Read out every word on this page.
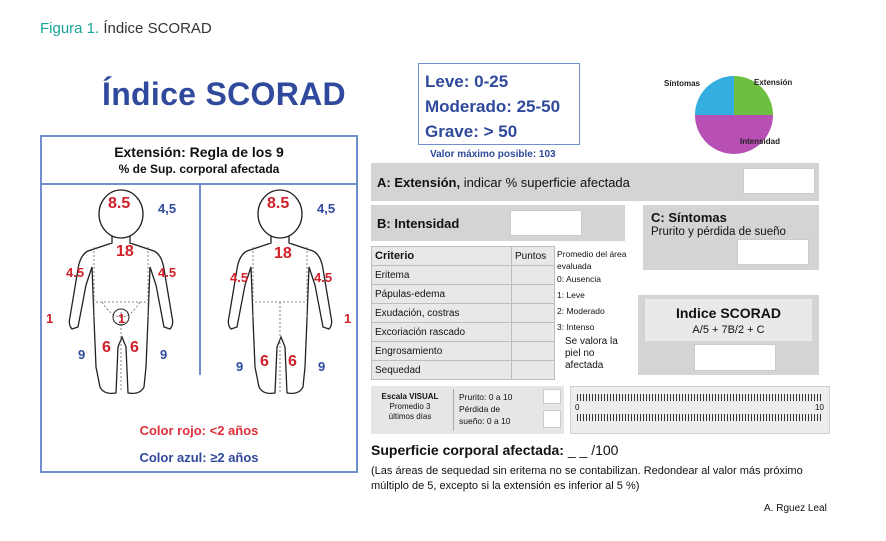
Figura 1. Índice SCORAD
Índice SCORAD
Extensión: Regla de los 9
% de Sup. corporal afectada
8.5 4,5
18
4.5	4.5
1	1
6 6
9	9
8.5 4,5
18
4.5	4.5
1
6 6
9	9
Color rojo: <2 años
Color azul: ≥2 años
Leve: 0-25
Moderado: 25-50
Grave: > 50
Valor máximo posible: 103
Síntomas	Extensión
Intensidad
A: Extensión, indicar % superficie afectada
B: Intensidad	C: Síntomas
Prurito y pérdida de sueño
Criterio	Puntos
Eritema	
Pápulas-edema	
Exudación, costras	
Excoriación rascado	
Engrosamiento	
Sequedad	
Promedio del área
evaluada
0: Ausencia
1: Leve
2: Moderado
3: Intenso
Se valora la
piel no
afectada
Indice SCORAD
A/5 + 7B/2 + C
Escala VISUAL
Promedio 3
últimos días
Prurito: 0 a 10
Pérdida de
sueño: 0 a 10
0	10
Superficie corporal afectada: _ _ /100
(Las áreas de sequedad sin eritema no se contabilizan. Redondear al valor más próximo múltiplo de 5, excepto si la extensión es inferior al 5 %)
A. Rguez Leal
